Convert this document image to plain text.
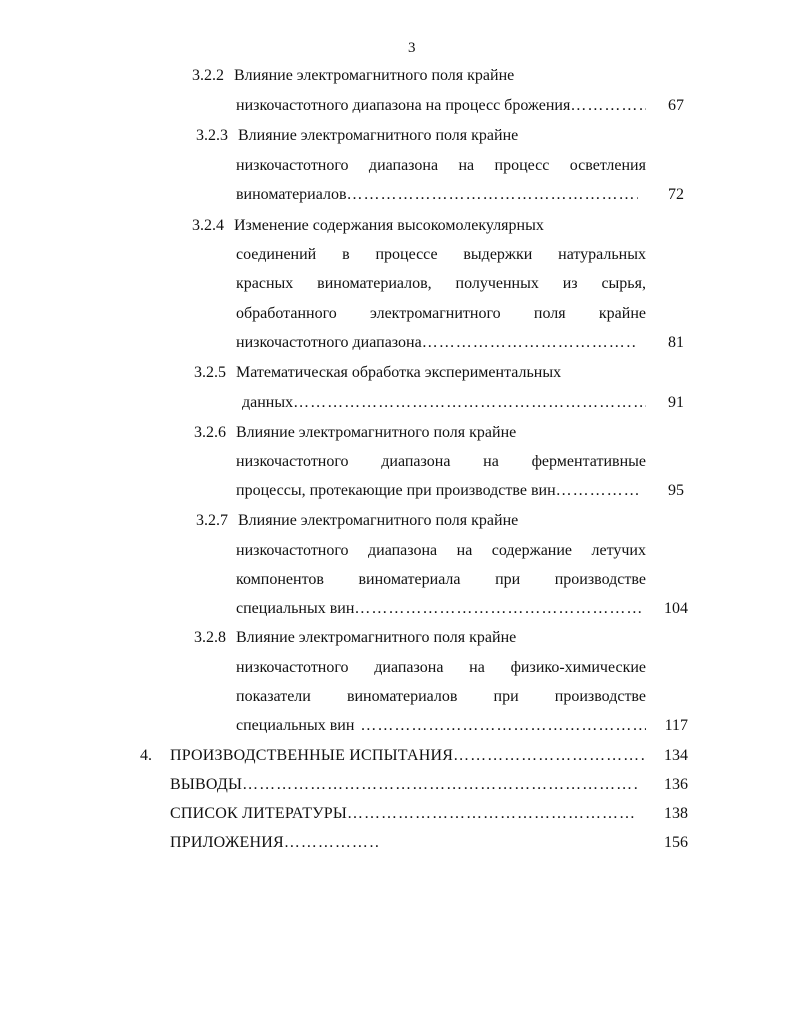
3
3.2.2 Влияние электромагнитного поля крайне
низкочастотного диапазона на процесс брожения ……………………………………………………………………………………………………………………………………………………	67
3.2.3 Влияние электромагнитного поля крайне
низкочастотного диапазона на процесс осветления
виноматериалов ……………………………………………………………………………………………………………………………………………………	72
3.2.4 Изменение содержания высокомолекулярных
соединений в процессе выдержки натуральных
красных виноматериалов, полученных из сырья,
обработанного электромагнитного поля крайне
низкочастотного диапазона ……………………………………………………………………………………………………………………………………………………	81
3.2.5 Математическая обработка экспериментальных
данных ……………………………………………………………………………………………………………………………………………………	91
3.2.6 Влияние электромагнитного поля крайне
низкочастотного диапазона на ферментативные
процессы, протекающие при производстве вин ……………………………………………………………………………………………………………………………………………………	95
3.2.7 Влияние электромагнитного поля крайне
низкочастотного диапазона на содержание летучих
компонентов виноматериала при производстве
специальных вин ……………………………………………………………………………………………………………………………………………………	104
3.2.8 Влияние электромагнитного поля крайне
низкочастотного диапазона на физико-химические
показатели виноматериалов при производстве
специальных вин ……………………………………………………………………………………………………………………………………………………	117
4. ПРОИЗВОДСТВЕННЫЕ ИСПЫТАНИЯ ……………………………………………………………………………………………………………………………………………………	134
ВЫВОДЫ ……………………………………………………………………………………………………………………………………………………	136
СПИСОК ЛИТЕРАТУРЫ ……………………………………………………………………………………………………………………………………………………	138
ПРИЛОЖЕНИЯ ……………………………………………………………………………………………………………………………………………………	156
